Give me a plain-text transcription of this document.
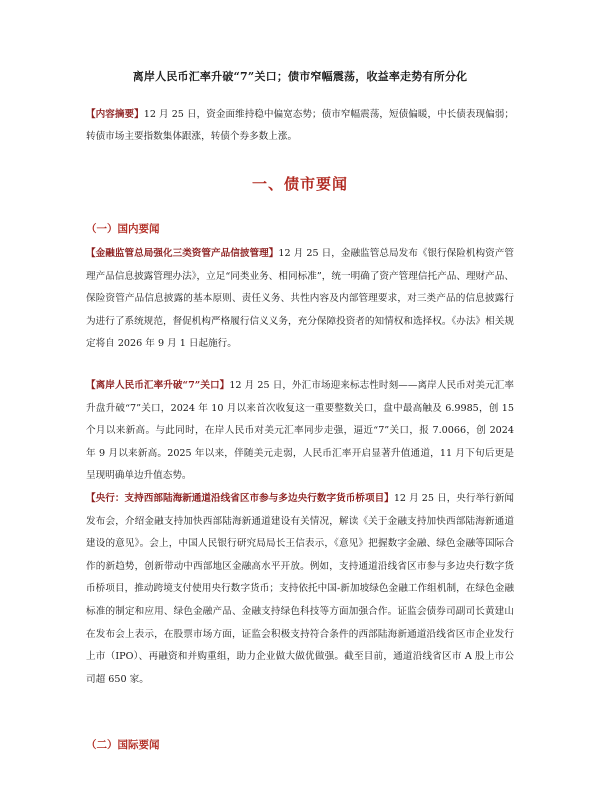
离岸人民币汇率升破“7”关口；债市窄幅震荡，收益率走势有所分化
【内容摘要】12 月 25 日，资金面维持稳中偏宽态势；债市窄幅震荡，短债偏暖，中长债表现偏弱；转债市场主要指数集体跟涨，转债个券多数上涨。
一、债市要闻
（一）国内要闻
【金融监管总局强化三类资管产品信披管理】12 月 25 日，金融监管总局发布《银行保险机构资产管理产品信息披露管理办法》，立足“同类业务、相同标准”，统一明确了资产管理信托产品、理财产品、保险资管产品信息披露的基本原则、责任义务、共性内容及内部管理要求，对三类产品的信息披露行为进行了系统规范，督促机构严格履行信义义务，充分保障投资者的知情权和选择权。《办法》相关规定将自 2026 年 9 月 1 日起施行。
【离岸人民币汇率升破“7”关口】12 月 25 日，外汇市场迎来标志性时刻——离岸人民币对美元汇率升盘升破“7”关口，2024 年 10 月以来首次收复这一重要整数关口，盘中最高触及 6.9985，创 15 个月以来新高。与此同时，在岸人民币对美元汇率同步走强，逼近“7”关口，报 7.0066，创 2024 年 9 月以来新高。2025 年以来，伴随美元走弱，人民币汇率开启显著升值通道，11 月下旬后更是呈现明确单边升值态势。
【央行：支持西部陆海新通道沿线省区市参与多边央行数字货币桥项目】12 月 25 日，央行举行新闻发布会，介绍金融支持加快西部陆海新通道建设有关情况，解读《关于金融支持加快西部陆海新通道建设的意见》。会上，中国人民银行研究局局长王信表示，《意见》把握数字金融、绿色金融等国际合作的新趋势，创新带动中西部地区金融高水平开放。例如，支持通道沿线省区市参与多边央行数字货币桥项目，推动跨境支付使用央行数字货币；支持依托中国-新加坡绿色金融工作组机制，在绿色金融标准的制定和应用、绿色金融产品、金融支持绿色科技等方面加强合作。证监会债券司副司长黄建山在发布会上表示，在股票市场方面，证监会积极支持符合条件的西部陆海新通道沿线省区市企业发行上市（IPO）、再融资和并购重组，助力企业做大做优做强。截至目前，通道沿线省区市 A 股上市公司超 650 家。
（二）国际要闻
